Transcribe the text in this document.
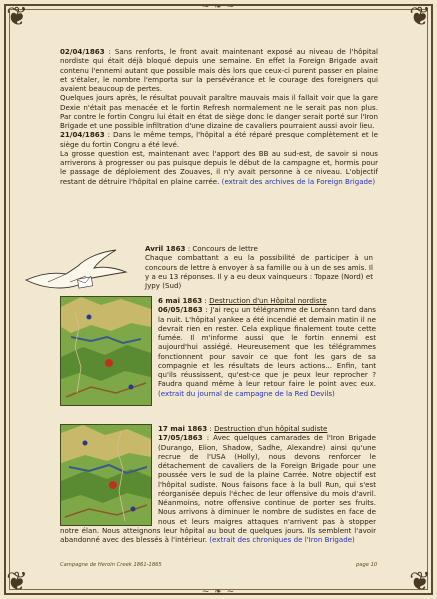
❦	❦
❦	❦
~ ❧ ~
~ ❧ ~
02/04/1863 : Sans renforts, le front avait maintenant exposé au niveau de l'hôpital nordiste qui était déjà bloqué depuis une semaine. En effet la Foreign Brigade avait contenu l'ennemi autant que possible mais dès lors que ceux-ci purent passer en plaine et s'étaler, le nombre l'emporta sur la persévérance et le courage des foreigners qui avaient beaucoup de pertes.
Quelques jours après, le résultat pouvait paraître mauvais mais il fallait voir que la gare Dexie n'était pas menacée et le fortin Refresh normalement ne le serait pas non plus. Par contre le fortin Congru lui était en état de siège donc le danger serait porté sur l'Iron Brigade et une possible infiltration d'une dizaine de cavaliers pourraient aussi avoir lieu.
21/04/1863 : Dans le même temps, l'hôpital a été réparé presque complètement et le siège du fortin Congru a été levé.
La grosse question est, maintenant avec l'apport des BB au sud-est, de savoir si nous arriverons à progresser ou pas puisque depuis le début de la campagne et, hormis pour le passage de déploiement des Zouaves, il n'y avait personne à ce niveau. L'objectif restant de détruire l'hôpital en plaine carrée. (extrait des archives de la Foreign Brigade)
Avril 1863 : Concours de lettre
Chaque combattant a eu la possibilité de participer à un concours de lettre à envoyer à sa famille ou à un de ses amis. Il y a eu 13 réponses. Il y a eu deux vainqueurs : Topaze (Nord) et Jypy (Sud)
6 mai 1863 : Destruction d'un Hôpital nordiste
06/05/1863 : J'ai reçu un télégramme de Loréann tard dans la nuit. L'hôpital yankee a été incendié et demain matin il ne devrait rien en rester. Cela explique finalement toute cette fumée. Il m'informe aussi que le fortin ennemi est aujourd'hui assiégé. Heureusement que les télégrammes fonctionnent pour savoir ce que font les gars de sa compagnie et les résultats de leurs actions... Enfin, tant qu'ils réussissent, qu'est-ce que je peux leur reprocher ? Faudra quand même à leur retour faire le point avec eux. (extrait du journal de campagne de la Red Devils)
17 mai 1863 : Destruction d'un hôpital sudiste
17/05/1863 : Avec quelques camarades de l'Iron Brigade (Durango, Elion, Shadow, Sadhe, Alexandre) ainsi qu'une recrue de l'USA (Holly), nous devons renforcer le détachement de cavaliers de la Foreign Brigade pour une poussée vers le sud de la plaine Carrée. Notre objectif est l'hôpital sudiste. Nous faisons face à la bull Run, qui s'est réorganisée depuis l'échec de leur offensive du mois d'avril. Néanmoins, notre offensive continue de porter ses fruits. Nous arrivons à diminuer le nombre de sudistes en face de nous et leurs maigres attaques n'arrivent pas à stopper notre élan. Nous atteignons leur hôpital au bout de quelques jours. Ils semblent l'avoir abandonné avec des blessés à l'intérieur. (extrait des chroniques de l'Iron Brigade)
Campagne de Heroïn Creek 1861-1865	page 10
